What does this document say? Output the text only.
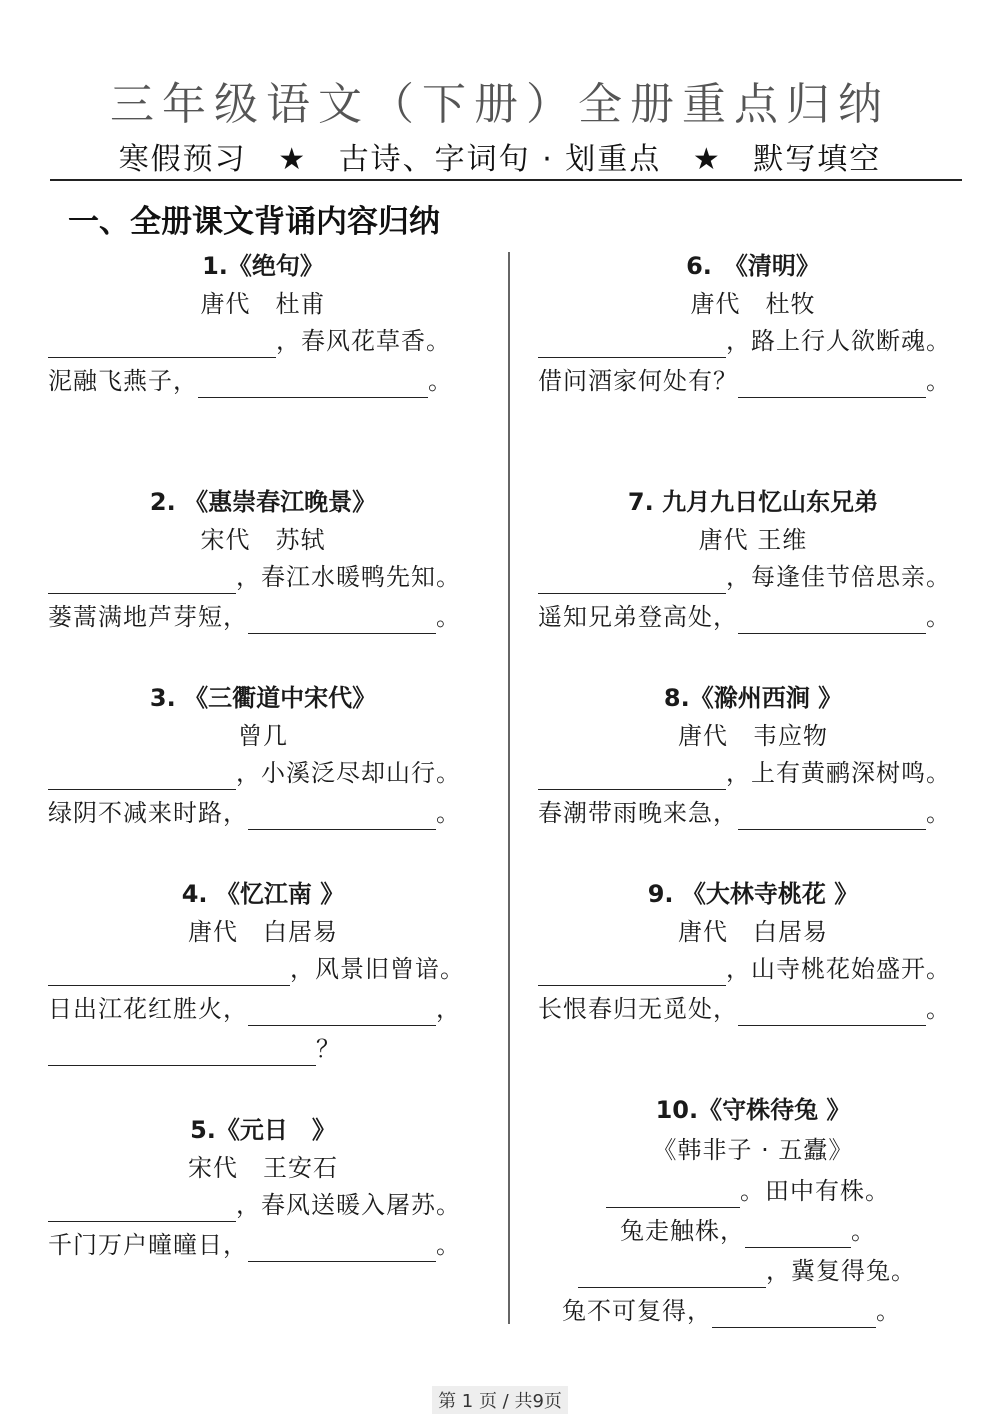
三年级语文（下册）全册重点归纳
寒假预习 ★ 古诗、字词句 · 划重点 ★ 默写填空
一、全册课文背诵内容归纳
1.《绝句》
唐代　杜甫
，春风花草香。
泥融飞燕子，	。
2. 《惠崇春江晚景》
宋代　苏轼
，春江水暖鸭先知。
蒌蒿满地芦芽短，	。
3. 《三衢道中宋代》
曾几
，小溪泛尽却山行。
绿阴不减来时路，	。
4. 《忆江南 》
唐代　白居易
，风景旧曾谙。
日出江花红胜火，	，
？
5.《元日　》
宋代　王安石
，春风送暖入屠苏。
千门万户曈曈日，	。
6.　《清明》
唐代　杜牧
，路上行人欲断魂。
借问酒家何处有？	。
7. 九月九日忆山东兄弟
唐代 王维
，每逢佳节倍思亲。
遥知兄弟登高处，	。
8.《滁州西涧 》
唐代　韦应物
，上有黄鹂深树鸣。
春潮带雨晚来急，	。
9. 《大林寺桃花 》
唐代　白居易
，山寺桃花始盛开。
长恨春归无觅处，	。
10.《守株待兔 》
《韩非子 · 五蠹》
。田中有株。
兔走触株，	。
，冀复得兔。
兔不可复得，	。
第 1 页 / 共9页
